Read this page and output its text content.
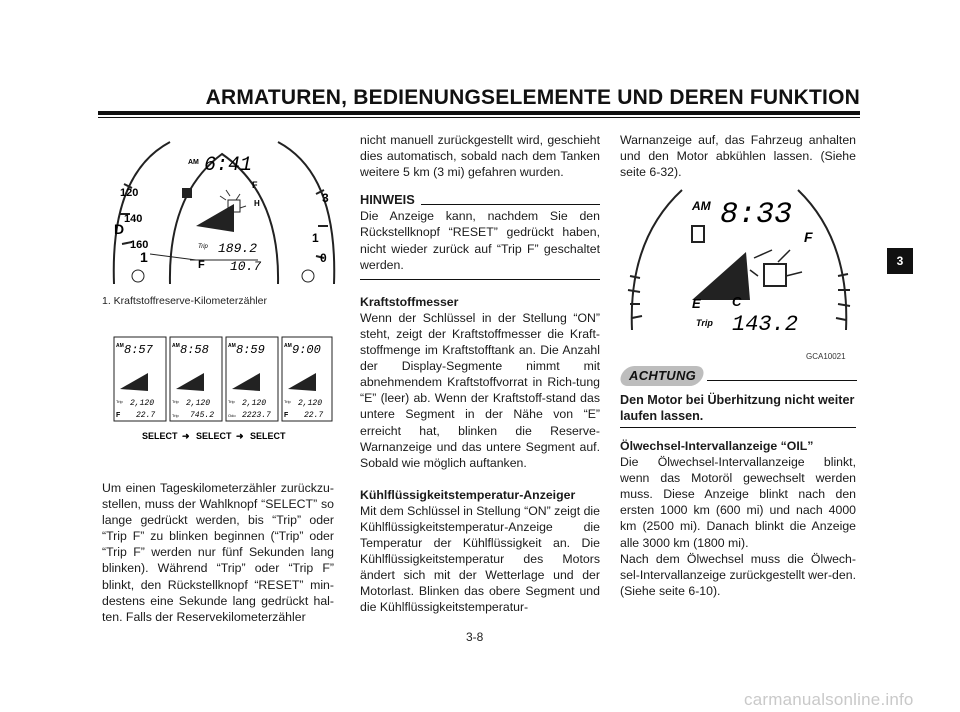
ARMATUREN, BEDIENUNGSELEMENTE UND DEREN FUNKTION
120
140
160
D
3
1
0
AM 6:41
F
H
Trip 189.2
F 10.7
1
1. Kraftstoffreserve-Kilometerzähler
AM 8:57
Trip 2,120
F 22.7
AM 8:58
Trip 2,120
Trip 745.2
AM 8:59
Trip 2,120
Odo 2223.7
AM 9:00
Trip 2,120
F 22.7
SELECT ➜ SELECT ➜ SELECT

Um einen Tageskilometerzähler zurückzu-stellen, muss der Wahlknopf “SELECT” so lange gedrückt werden, bis “Trip” oder “Trip F” zu blinken beginnen (“Trip” oder “Trip F” werden nur fünf Sekunden lang blinken). Während “Trip” oder “Trip F” blinkt, den Rückstellknopf “RESET” min-destens eine Sekunde lang gedrückt hal-ten. Falls der Reservekilometerzähler

nicht manuell zurückgestellt wird, geschieht dies automatisch, sobald nach dem Tanken weitere 5 km (3 mi) gefahren wurden.

HINWEIS

Die Anzeige kann, nachdem Sie den Rückstellknopf “RESET” gedrückt haben, nicht wieder zurück auf “Trip F” geschaltet werden.

Kraftstoffmesser

Wenn der Schlüssel in der Stellung “ON” steht, zeigt der Kraftstoffmesser die Kraft-stoffmenge im Kraftstofftank an. Die Anzahl der Display-Segmente nimmt mit abnehmendem Kraftstoffvorrat in Rich-tung “E” (leer) ab. Wenn der Kraftstoff-stand das untere Segment in der Nähe von “E” erreicht hat, blinken die Reserve-Warnanzeige und das untere Segment auf. Sobald wie möglich auftanken.

Kühlflüssigkeitstemperatur-Anzeiger

Mit dem Schlüssel in Stellung “ON” zeigt die Kühlflüssigkeitstemperatur-Anzeige die Temperatur der Kühlflüssigkeit an. Die Kühlflüssigkeitstemperatur des Motors ändert sich mit der Wetterlage und der Motorlast. Blinken das obere Segment und die Kühlflüssigkeitstemperatur-

Warnanzeige auf, das Fahrzeug anhalten und den Motor abkühlen lassen. (Siehe seite 6-32).

AM 8:33
F
E C
Trip 143.2
GCA10021
ACHTUNG
Den Motor bei Überhitzung nicht weiter laufen lassen.

Ölwechsel-Intervallanzeige “OIL”

Die Ölwechsel-Intervallanzeige blinkt, wenn das Motoröl gewechselt werden muss. Diese Anzeige blinkt nach den ersten 1000 km (600 mi) und nach 4000 km (2500 mi). Danach blinkt die Anzeige alle 3000 km (1800 mi).

Nach dem Ölwechsel muss die Ölwech-sel-Intervallanzeige zurückgestellt wer-den. (Siehe seite 6-10).

3
3-8
carmanualsonline.info
